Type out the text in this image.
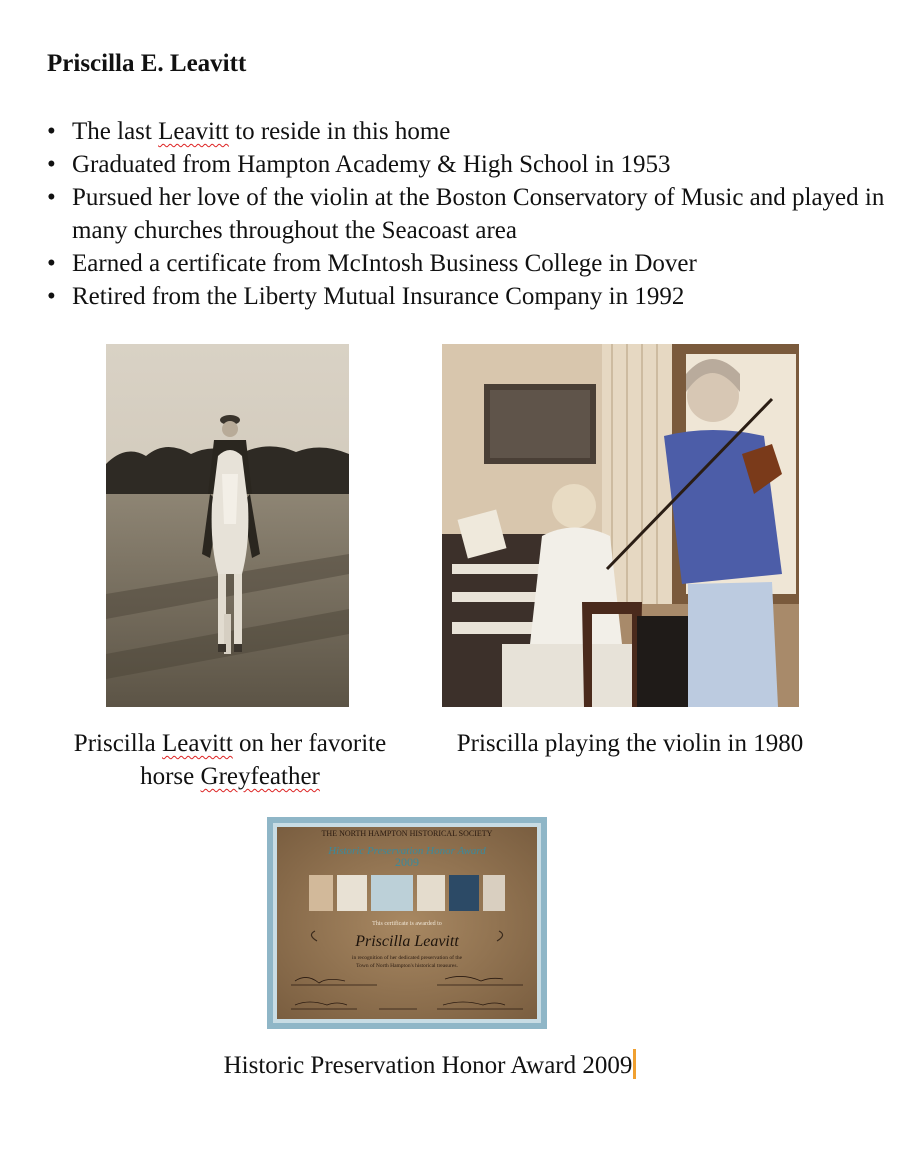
Priscilla E. Leavitt
• The last Leavitt to reside in this home
• Graduated from Hampton Academy & High School in 1953
• Pursued her love of the violin at the Boston Conservatory of Music and played in many churches throughout the Seacoast area
• Earned a certificate from McIntosh Business College in Dover
• Retired from the Liberty Mutual Insurance Company in 1992
Priscilla Leavitt on her favorite horse Greyfeather
Priscilla playing the violin in 1980
THE NORTH HAMPTON HISTORICAL SOCIETY
Historic Preservation Honor Award
2009
This certificate is awarded to
Priscilla Leavitt
in recognition of her dedicated preservation of the
Town of North Hampton's historical treasures.
Historic Preservation Honor Award 2009
